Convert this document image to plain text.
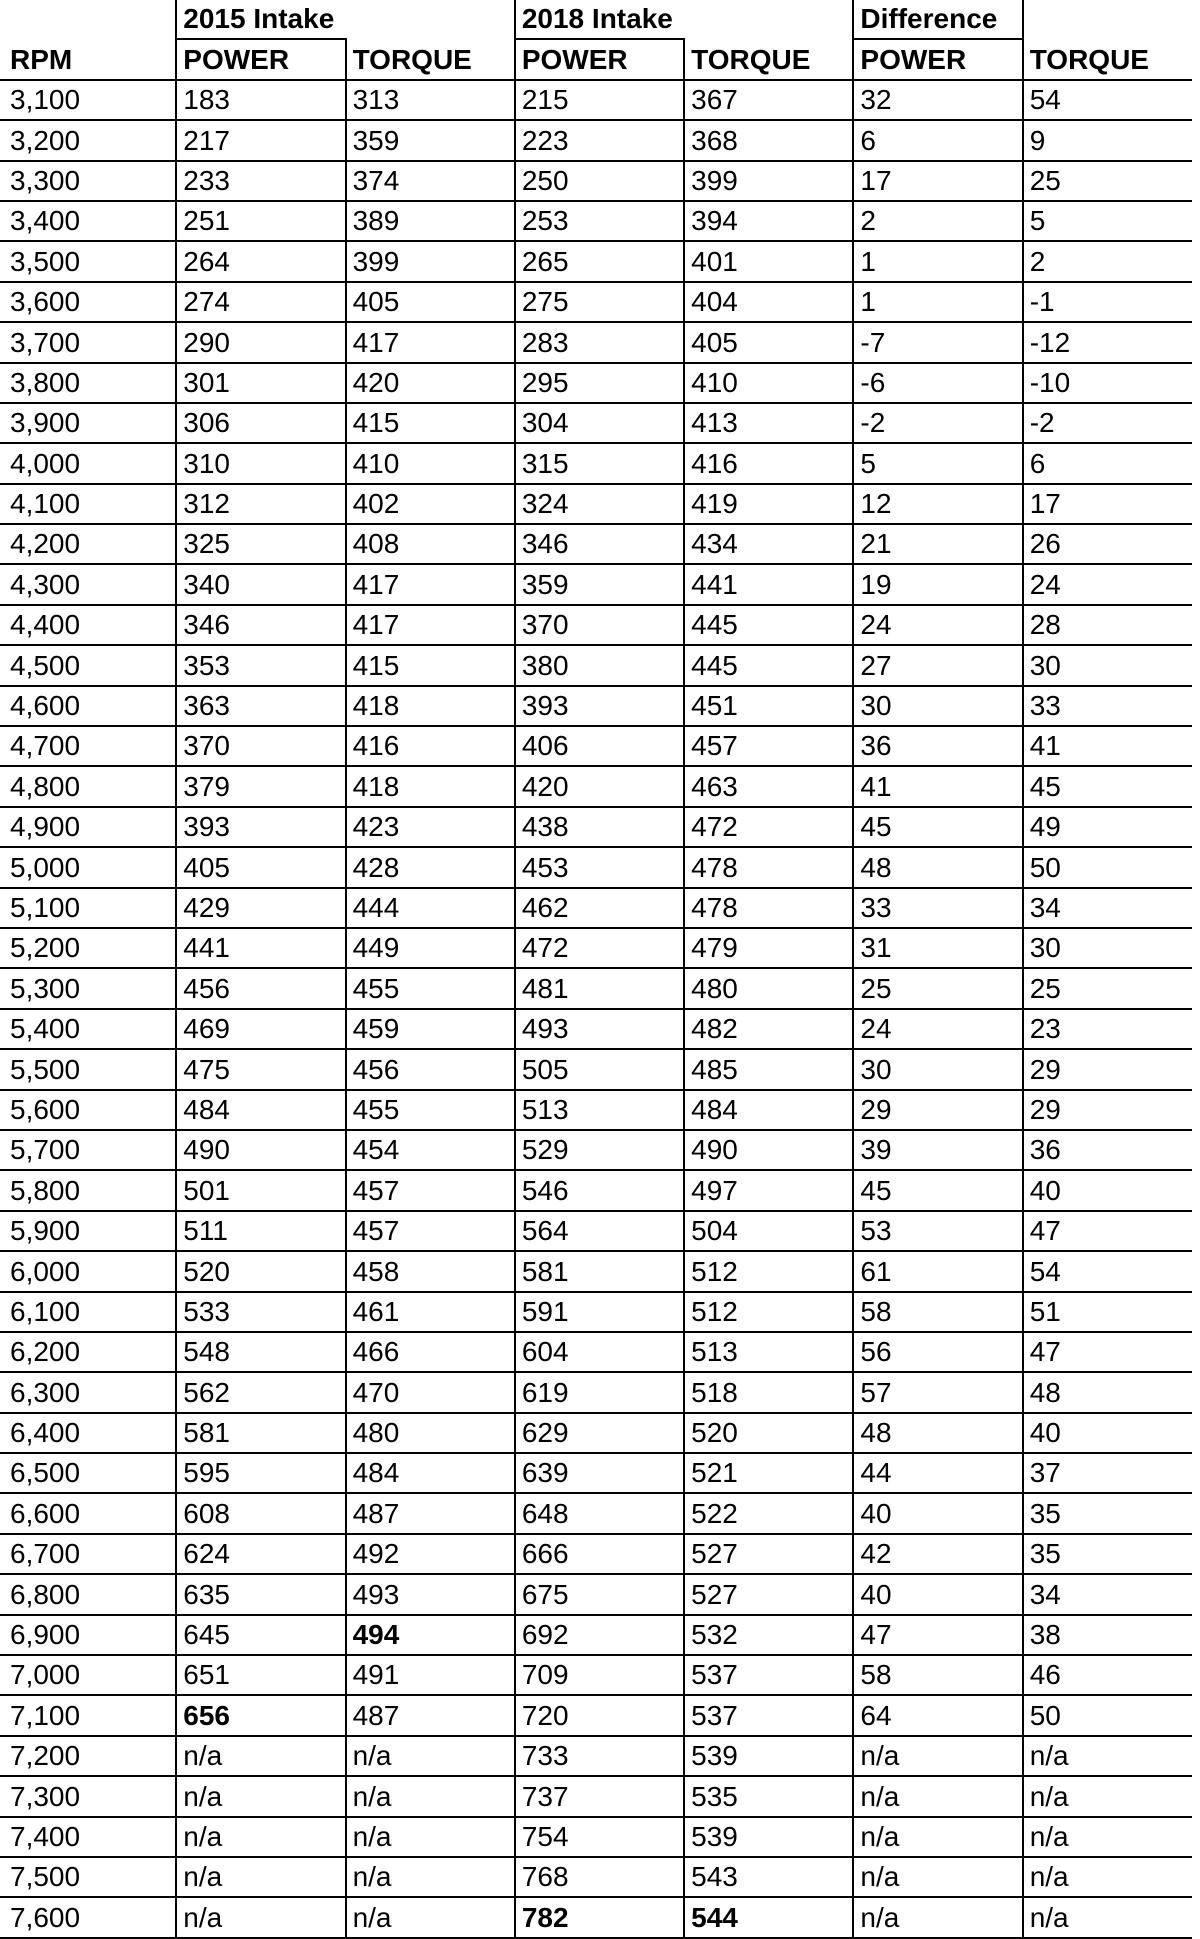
	2015 Intake		2018 Intake		Difference	
RPM	POWER	TORQUE	POWER	TORQUE	POWER	TORQUE
3,100	183	313	215	367	32	54
3,200	217	359	223	368	6	9
3,300	233	374	250	399	17	25
3,400	251	389	253	394	2	5
3,500	264	399	265	401	1	2
3,600	274	405	275	404	1	-1
3,700	290	417	283	405	-7	-12
3,800	301	420	295	410	-6	-10
3,900	306	415	304	413	-2	-2
4,000	310	410	315	416	5	6
4,100	312	402	324	419	12	17
4,200	325	408	346	434	21	26
4,300	340	417	359	441	19	24
4,400	346	417	370	445	24	28
4,500	353	415	380	445	27	30
4,600	363	418	393	451	30	33
4,700	370	416	406	457	36	41
4,800	379	418	420	463	41	45
4,900	393	423	438	472	45	49
5,000	405	428	453	478	48	50
5,100	429	444	462	478	33	34
5,200	441	449	472	479	31	30
5,300	456	455	481	480	25	25
5,400	469	459	493	482	24	23
5,500	475	456	505	485	30	29
5,600	484	455	513	484	29	29
5,700	490	454	529	490	39	36
5,800	501	457	546	497	45	40
5,900	511	457	564	504	53	47
6,000	520	458	581	512	61	54
6,100	533	461	591	512	58	51
6,200	548	466	604	513	56	47
6,300	562	470	619	518	57	48
6,400	581	480	629	520	48	40
6,500	595	484	639	521	44	37
6,600	608	487	648	522	40	35
6,700	624	492	666	527	42	35
6,800	635	493	675	527	40	34
6,900	645	494	692	532	47	38
7,000	651	491	709	537	58	46
7,100	656	487	720	537	64	50
7,200	n/a	n/a	733	539	n/a	n/a
7,300	n/a	n/a	737	535	n/a	n/a
7,400	n/a	n/a	754	539	n/a	n/a
7,500	n/a	n/a	768	543	n/a	n/a
7,600	n/a	n/a	782	544	n/a	n/a
